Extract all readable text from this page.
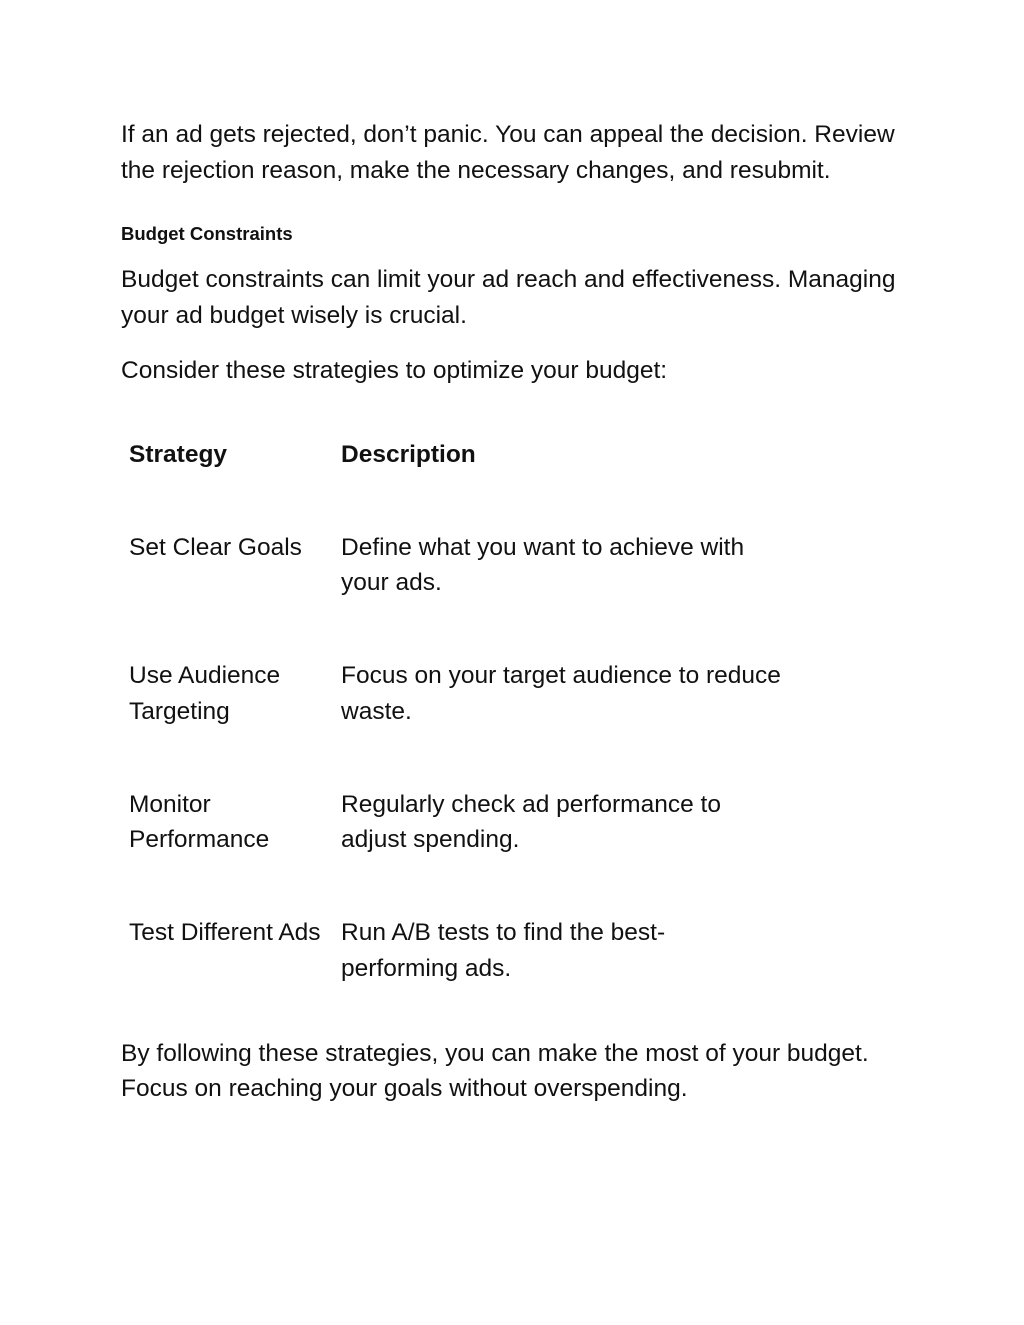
If an ad gets rejected, don’t panic. You can appeal the decision. Review the rejection reason, make the necessary changes, and resubmit.

Budget Constraints

Budget constraints can limit your ad reach and effectiveness. Managing your ad budget wisely is crucial.

Consider these strategies to optimize your budget:

Strategy	Description
Set Clear Goals	Define what you want to achieve with your ads.
Use Audience Targeting	Focus on your target audience to reduce waste.
Monitor Performance	Regularly check ad performance to adjust spending.
Test Different Ads	Run A/B tests to find the best-performing ads.

By following these strategies, you can make the most of your budget. Focus on reaching your goals without overspending.
